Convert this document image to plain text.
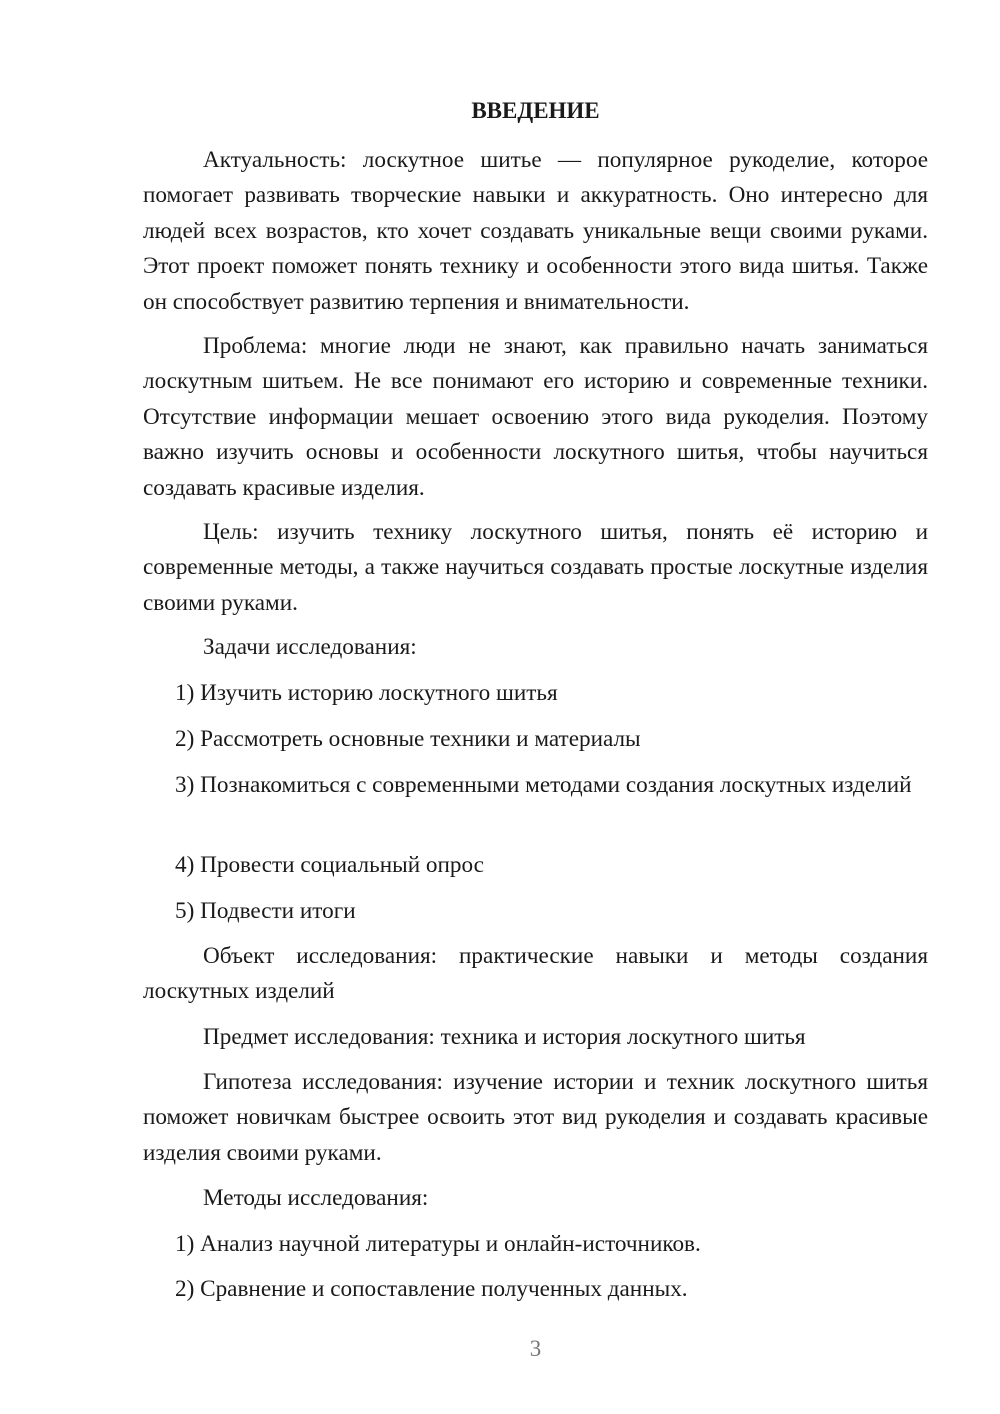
ВВЕДЕНИЕ

Актуальность: лоскутное шитье — популярное рукоделие, которое помогает развивать творческие навыки и аккуратность. Оно интересно для людей всех возрастов, кто хочет создавать уникальные вещи своими руками. Этот проект поможет понять технику и особенности этого вида шитья. Также он способствует развитию терпения и внимательности.

Проблема: многие люди не знают, как правильно начать заниматься лоскутным шитьем. Не все понимают его историю и современные техники. Отсутствие информации мешает освоению этого вида рукоделия. Поэтому важно изучить основы и особенности лоскутного шитья, чтобы научиться создавать красивые изделия.

Цель: изучить технику лоскутного шитья, понять её историю и современные методы, а также научиться создавать простые лоскутные изделия своими руками.

Задачи исследования:

1) Изучить историю лоскутного шитья

2) Рассмотреть основные техники и материалы

3) Познакомиться с современными методами создания лоскутных изделий

4) Провести социальный опрос

5) Подвести итоги

Объект исследования: практические навыки и методы создания лоскутных изделий

Предмет исследования: техника и история лоскутного шитья

Гипотеза исследования: изучение истории и техник лоскутного шитья поможет новичкам быстрее освоить этот вид рукоделия и создавать красивые изделия своими руками.

Методы исследования:

1) Анализ научной литературы и онлайн-источников.

2) Сравнение и сопоставление полученных данных.

3
